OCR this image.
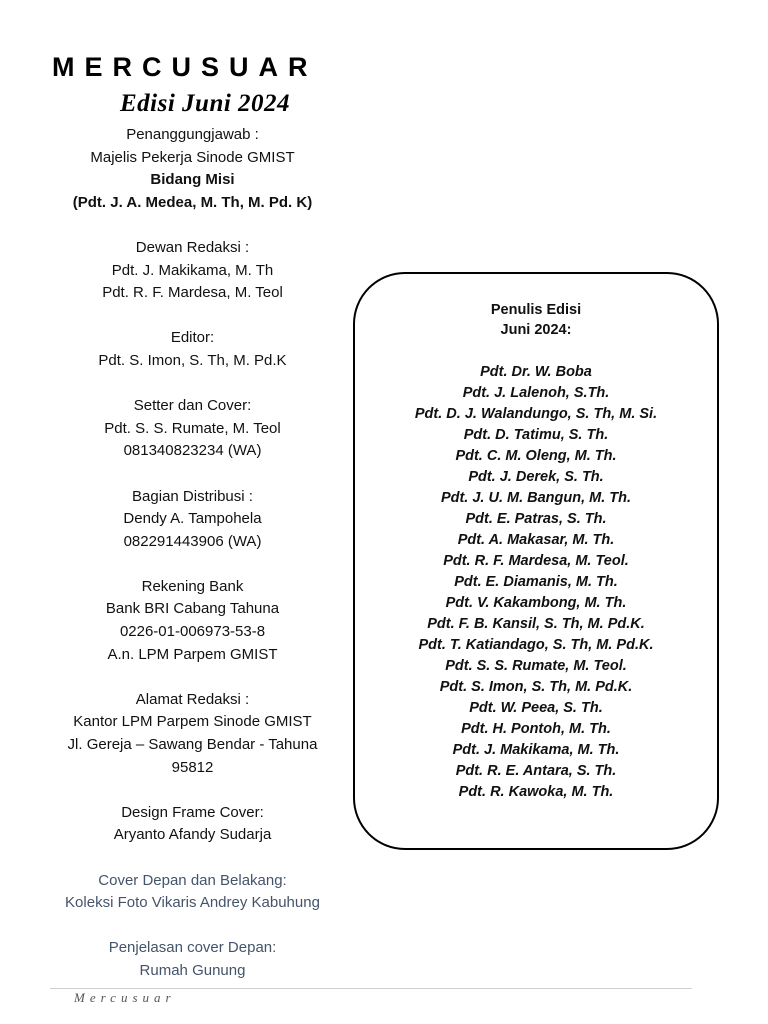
MERCUSUAR
Edisi Juni 2024
Penanggungjawab :
Majelis Pekerja Sinode GMIST
Bidang Misi
(Pdt. J. A. Medea, M. Th, M. Pd. K)
Dewan Redaksi :
Pdt. J. Makikama, M. Th
Pdt. R. F. Mardesa, M. Teol
Editor:
Pdt. S. Imon, S. Th, M. Pd.K
Setter dan Cover:
Pdt. S. S. Rumate, M. Teol
081340823234 (WA)
Bagian Distribusi :
Dendy A. Tampohela
082291443906 (WA)
Rekening Bank
Bank BRI Cabang Tahuna
0226-01-006973-53-8
A.n. LPM Parpem GMIST
Alamat Redaksi :
Kantor LPM Parpem Sinode GMIST
Jl. Gereja – Sawang Bendar - Tahuna
95812
Design Frame Cover:
Aryanto Afandy Sudarja
Cover Depan dan Belakang:
Koleksi Foto Vikaris Andrey Kabuhung
Penjelasan cover Depan:
Rumah Gunung
Penulis Edisi
Juni 2024:
Pdt. Dr. W. Boba
Pdt. J. Lalenoh, S.Th.
Pdt. D. J. Walandungo, S. Th, M. Si.
Pdt. D. Tatimu, S. Th.
Pdt. C. M. Oleng, M. Th.
Pdt. J. Derek, S. Th.
Pdt. J. U. M. Bangun, M. Th.
Pdt. E. Patras, S. Th.
Pdt. A. Makasar, M. Th.
Pdt. R. F. Mardesa, M. Teol.
Pdt. E. Diamanis, M. Th.
Pdt. V. Kakambong, M. Th.
Pdt. F. B. Kansil, S. Th, M. Pd.K.
Pdt. T. Katiandago, S. Th, M. Pd.K.
Pdt. S. S. Rumate, M. Teol.
Pdt. S. Imon, S. Th, M. Pd.K.
Pdt. W. Peea, S. Th.
Pdt. H. Pontoh, M. Th.
Pdt. J. Makikama, M. Th.
Pdt. R. E. Antara, S. Th.
Pdt. R. Kawoka, M. Th.
Mercusuar
